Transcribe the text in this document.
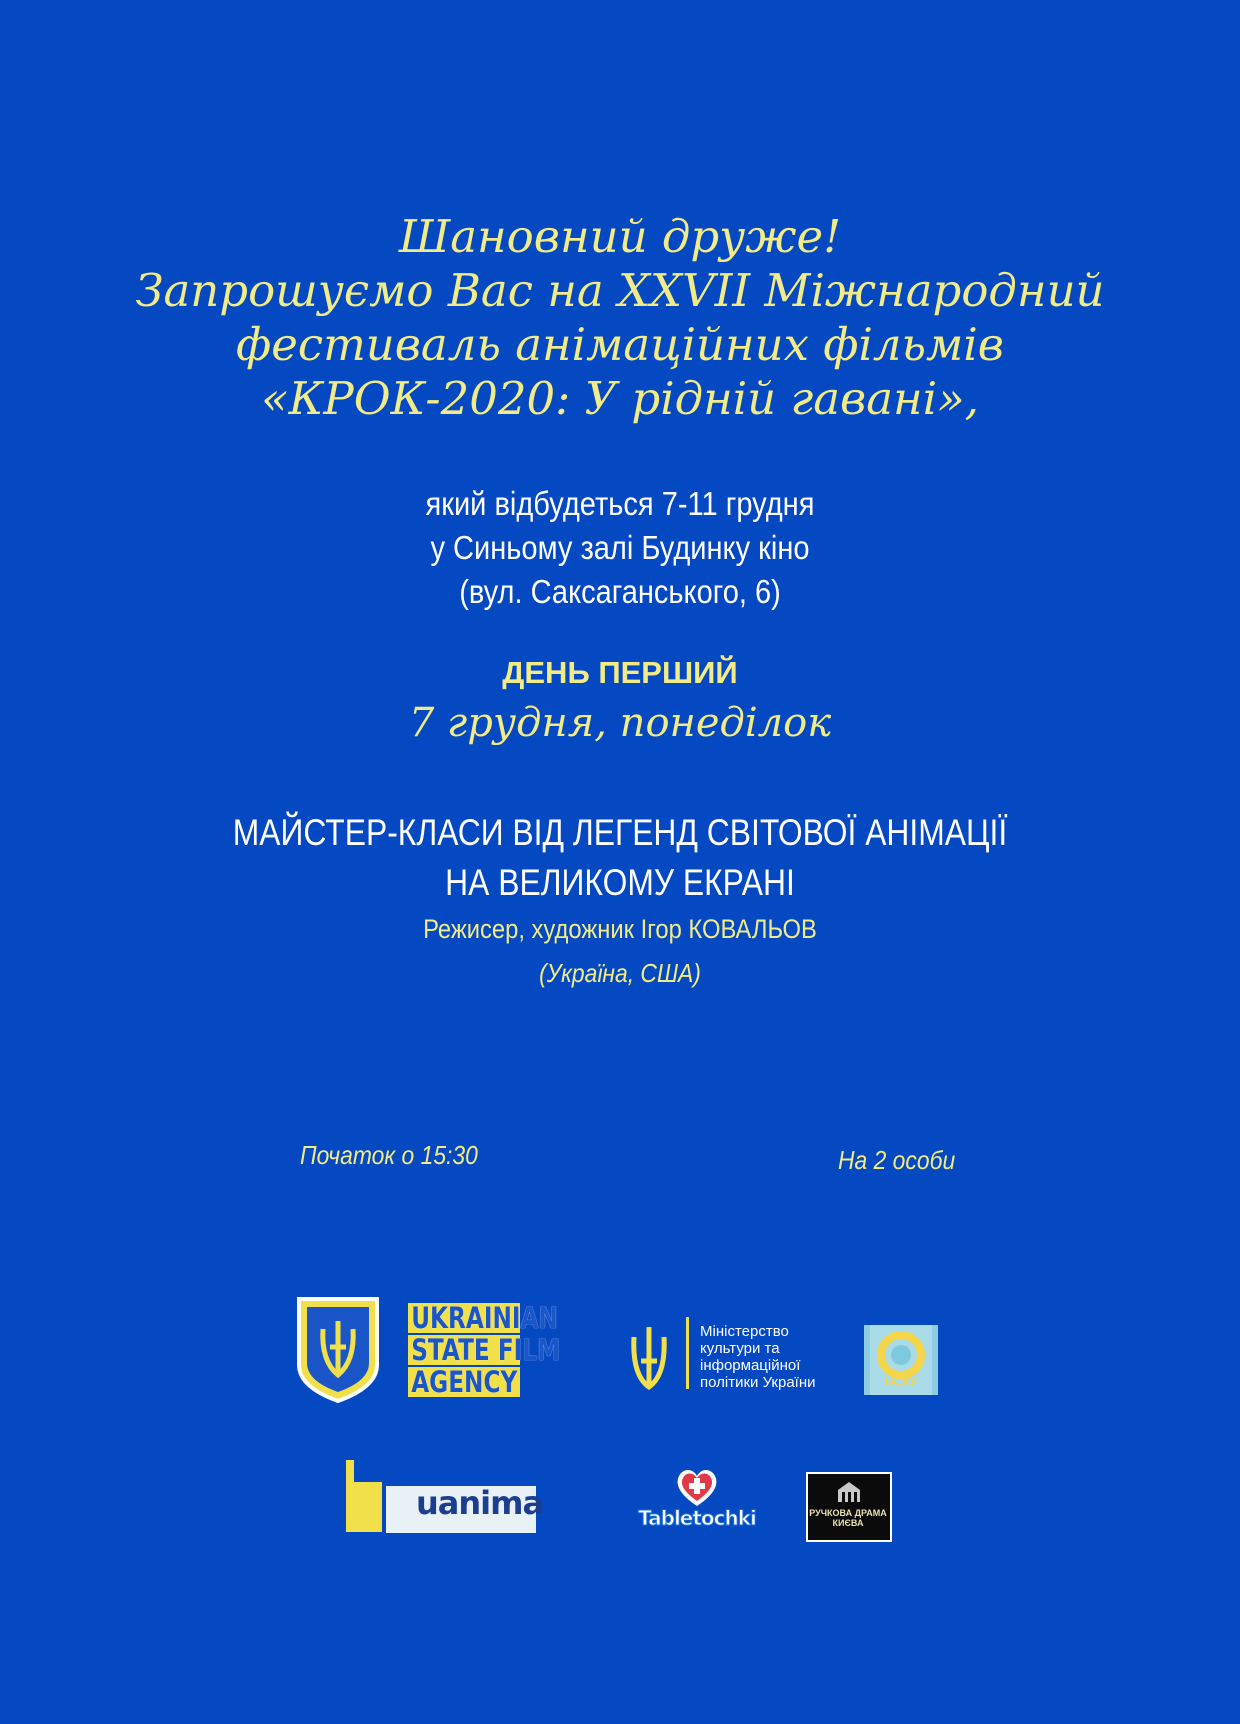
Шановний друже!
Запрошуємо Вас на XXVII Міжнародний
фестиваль анімаційних фільмів
«КРОК-2020: У рідній гавані»,
який відбудеться 7-11 грудня
у Синьому залі Будинку кіно
(вул. Саксаганського, 6)
ДЕНЬ ПЕРШИЙ
7 грудня, понеділок
МАЙСТЕР-КЛАСИ ВІД ЛЕГЕНД СВІТОВОЇ АНІМАЦІЇ
НА ВЕЛИКОМУ ЕКРАНІ
Режисер, художник Ігор КОВАЛЬОВ
(Україна, США)
Початок о 15:30	На 2 особи
UKRAINIAN
STATE FILM
AGENCY
Міністерство
культури та
інформаційної
політики України	НСКУ
uanima	Tabletochki	РУЧКОВА ДРАМА КИЄВА
